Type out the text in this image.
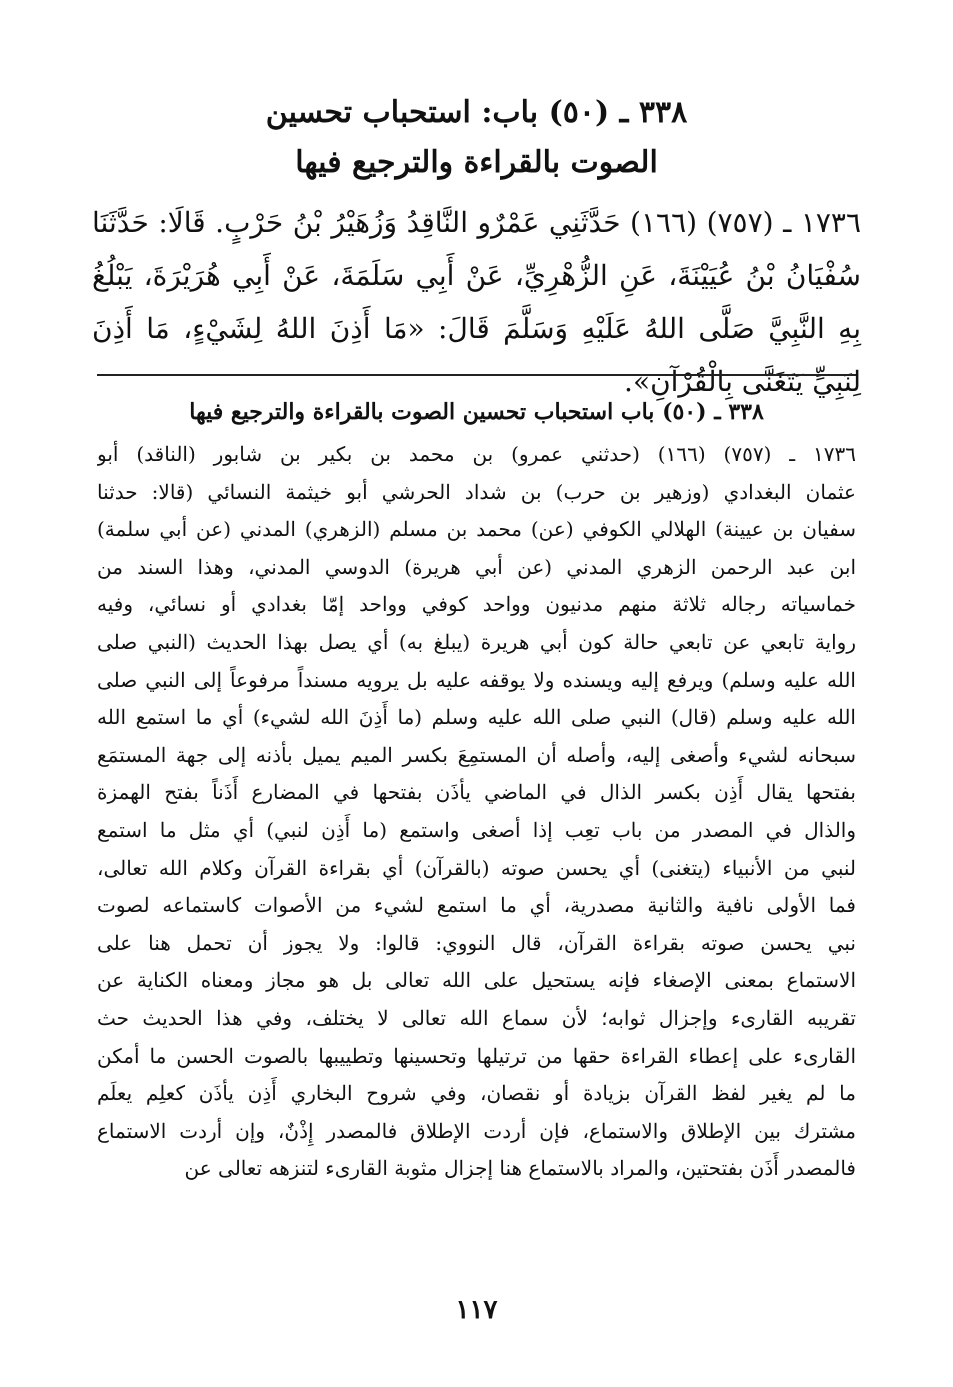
٣٣٨ ـ (٥٠) باب: استحباب تحسين
الصوت بالقراءة والترجيع فيها
١٧٣٦ ـ (٧٥٧) (١٦٦) حَدَّثَنِي عَمْرٌو النَّاقِدُ وَزُهَيْرُ بْنُ حَرْبٍ. قَالَا: حَدَّثَنَا سُفْيَانُ بْنُ عُيَيْنَةَ، عَنِ الزُّهْرِيِّ، عَنْ أَبِي سَلَمَةَ، عَنْ أَبِي هُرَيْرَةَ، يَبْلُغُ بِهِ النَّبِيَّ صَلَّى اللهُ عَلَيْهِ وَسَلَّمَ قَالَ: «مَا أَذِنَ اللهُ لِشَيْءٍ، مَا أَذِنَ لِنَبِيٍّ يَتَغَنَّى بِالْقُرْآنِ».
٣٣٨ ـ (٥٠) باب استحباب تحسين الصوت بالقراءة والترجيع فيها
١٧٣٦ ـ (٧٥٧) (١٦٦) (حدثني عمرو) بن محمد بن بكير بن شابور (الناقد) أبو
عثمان البغدادي (وزهير بن حرب) بن شداد الحرشي أبو خيثمة النسائي (قالا: حدثنا
سفيان بن عيينة) الهلالي الكوفي (عن) محمد بن مسلم (الزهري) المدني (عن أبي سلمة)
ابن عبد الرحمن الزهري المدني (عن أبي هريرة) الدوسي المدني، وهذا السند من
خماسياته رجاله ثلاثة منهم مدنيون وواحد كوفي وواحد إمّا بغدادي أو نسائي، وفيه
رواية تابعي عن تابعي حالة كون أبي هريرة (يبلغ به) أي يصل بهذا الحديث (النبي صلى
الله عليه وسلم) ويرفع إليه ويسنده ولا يوقفه عليه بل يرويه مسنداً مرفوعاً إلى النبي صلى
الله عليه وسلم (قال) النبي صلى الله عليه وسلم (ما أَذِنَ الله لشيء) أي ما استمع الله
سبحانه لشيء وأصغى إليه، وأصله أن المستمِعَ بكسر الميم يميل بأذنه إلى جهة المستمَع
بفتحها يقال أَذِن بكسر الذال في الماضي يأذَن بفتحها في المضارع أَذَناً بفتح الهمزة
والذال في المصدر من باب تعِب إذا أصغى واستمع (ما أَذِن لنبي) أي مثل ما استمع
لنبي من الأنبياء (يتغنى) أي يحسن صوته (بالقرآن) أي بقراءة القرآن وكلام الله تعالى،
فما الأولى نافية والثانية مصدرية، أي ما استمع لشيء من الأصوات كاستماعه لصوت
نبي يحسن صوته بقراءة القرآن، قال النووي: قالوا: ولا يجوز أن تحمل هنا على
الاستماع بمعنى الإصغاء فإنه يستحيل على الله تعالى بل هو مجاز ومعناه الكناية عن
تقريبه القارىء وإجزال ثوابه؛ لأن سماع الله تعالى لا يختلف، وفي هذا الحديث حث
القارىء على إعطاء القراءة حقها من ترتيلها وتحسينها وتطييبها بالصوت الحسن ما أمكن
ما لم يغير لفظ القرآن بزيادة أو نقصان، وفي شروح البخاري أَذِن يأذَن كعلِم يعلَم
مشترك بين الإطلاق والاستماع، فإن أردت الإطلاق فالمصدر إِذْنٌ، وإن أردت الاستماع
فالمصدر أَذَن بفتحتين، والمراد بالاستماع هنا إجزال مثوبة القارىء لتنزهه تعالى عن
١١٧
